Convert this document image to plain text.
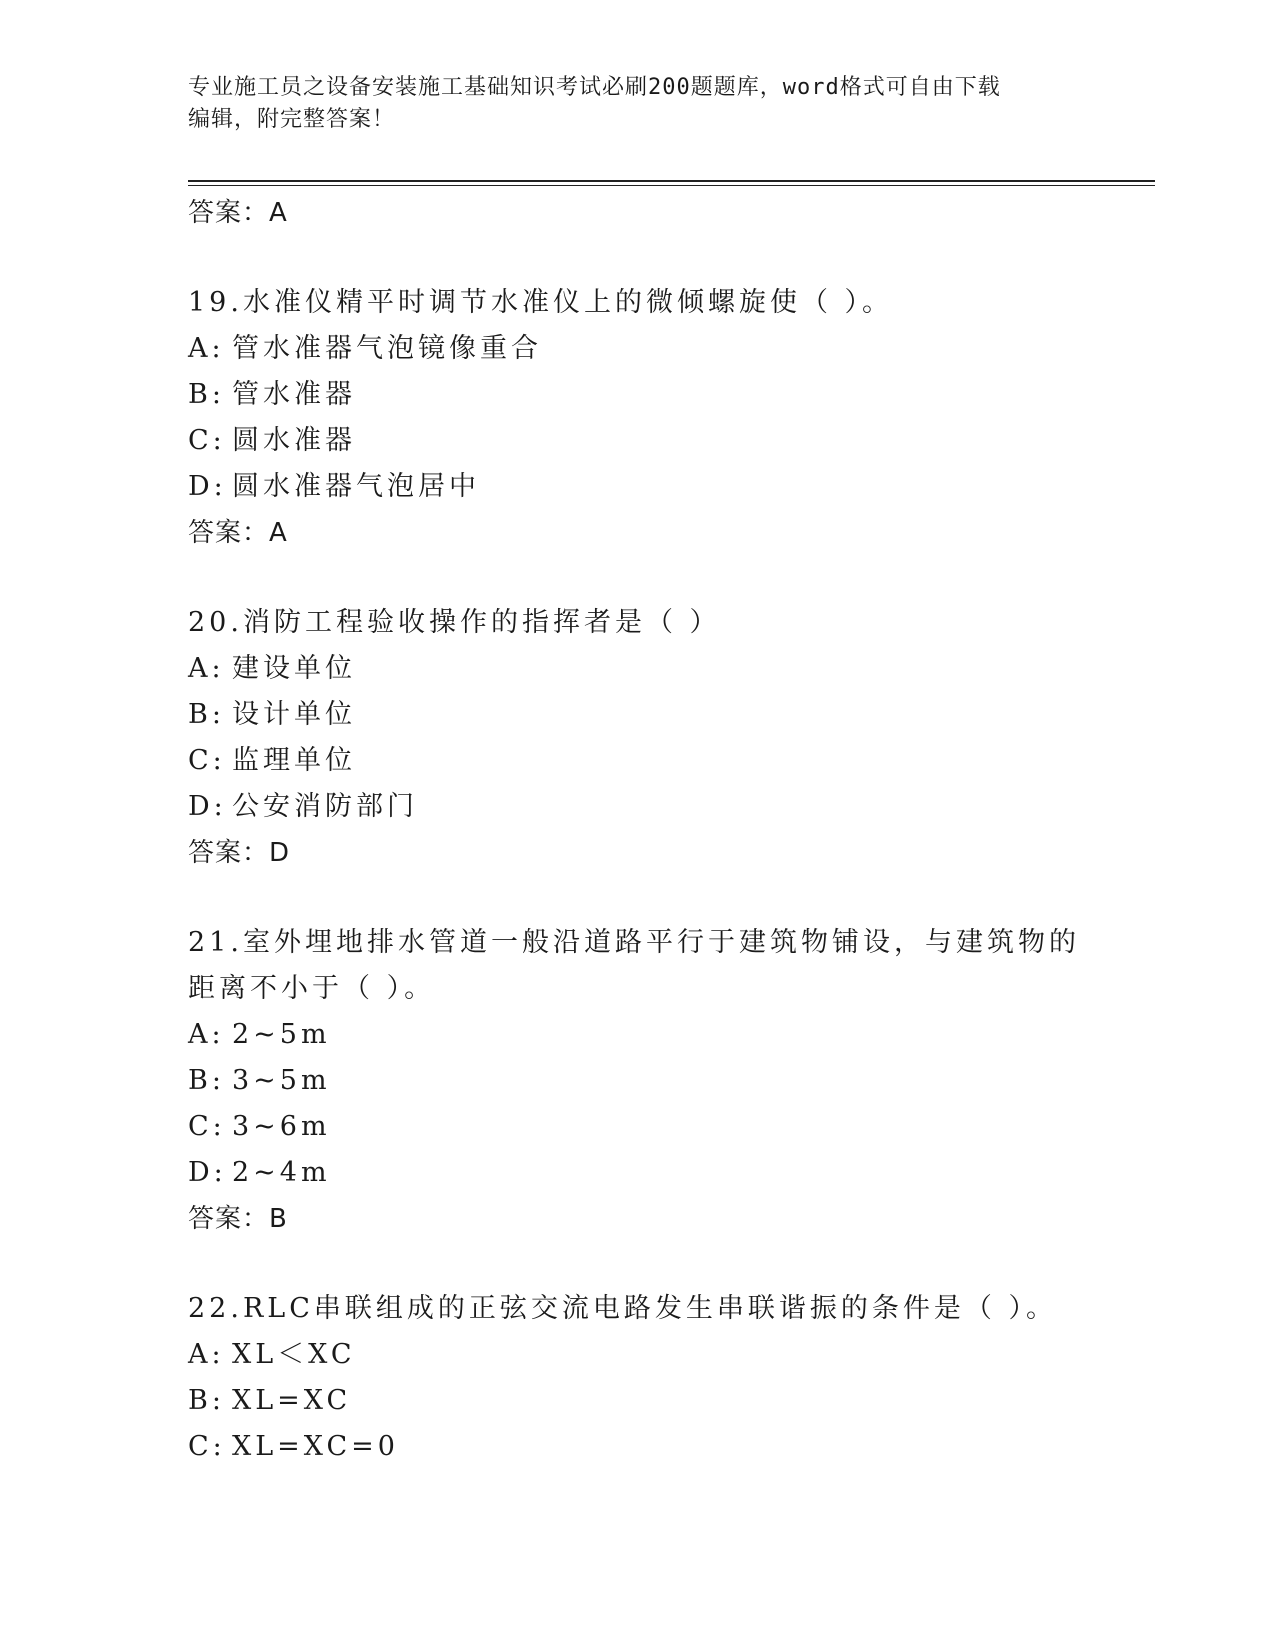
专业施工员之设备安装施工基础知识考试必刷200题题库，word格式可自由下载
编辑，附完整答案！
答案：A
19.水准仪精平时调节水准仪上的微倾螺旋使（ ）。
A: 管水准器气泡镜像重合
B: 管水准器
C: 圆水准器
D: 圆水准器气泡居中
答案：A
20.消防工程验收操作的指挥者是（ ）
A: 建设单位
B: 设计单位
C: 监理单位
D: 公安消防部门
答案：D
21.室外埋地排水管道一般沿道路平行于建筑物铺设，与建筑物的距离不小于（ ）。
A: 2~5m
B: 3~5m
C: 3~6m
D: 2~4m
答案：B
22.RLC串联组成的正弦交流电路发生串联谐振的条件是（ ）。
A: XL＜XC
B: XL=XC
C: XL=XC=0
